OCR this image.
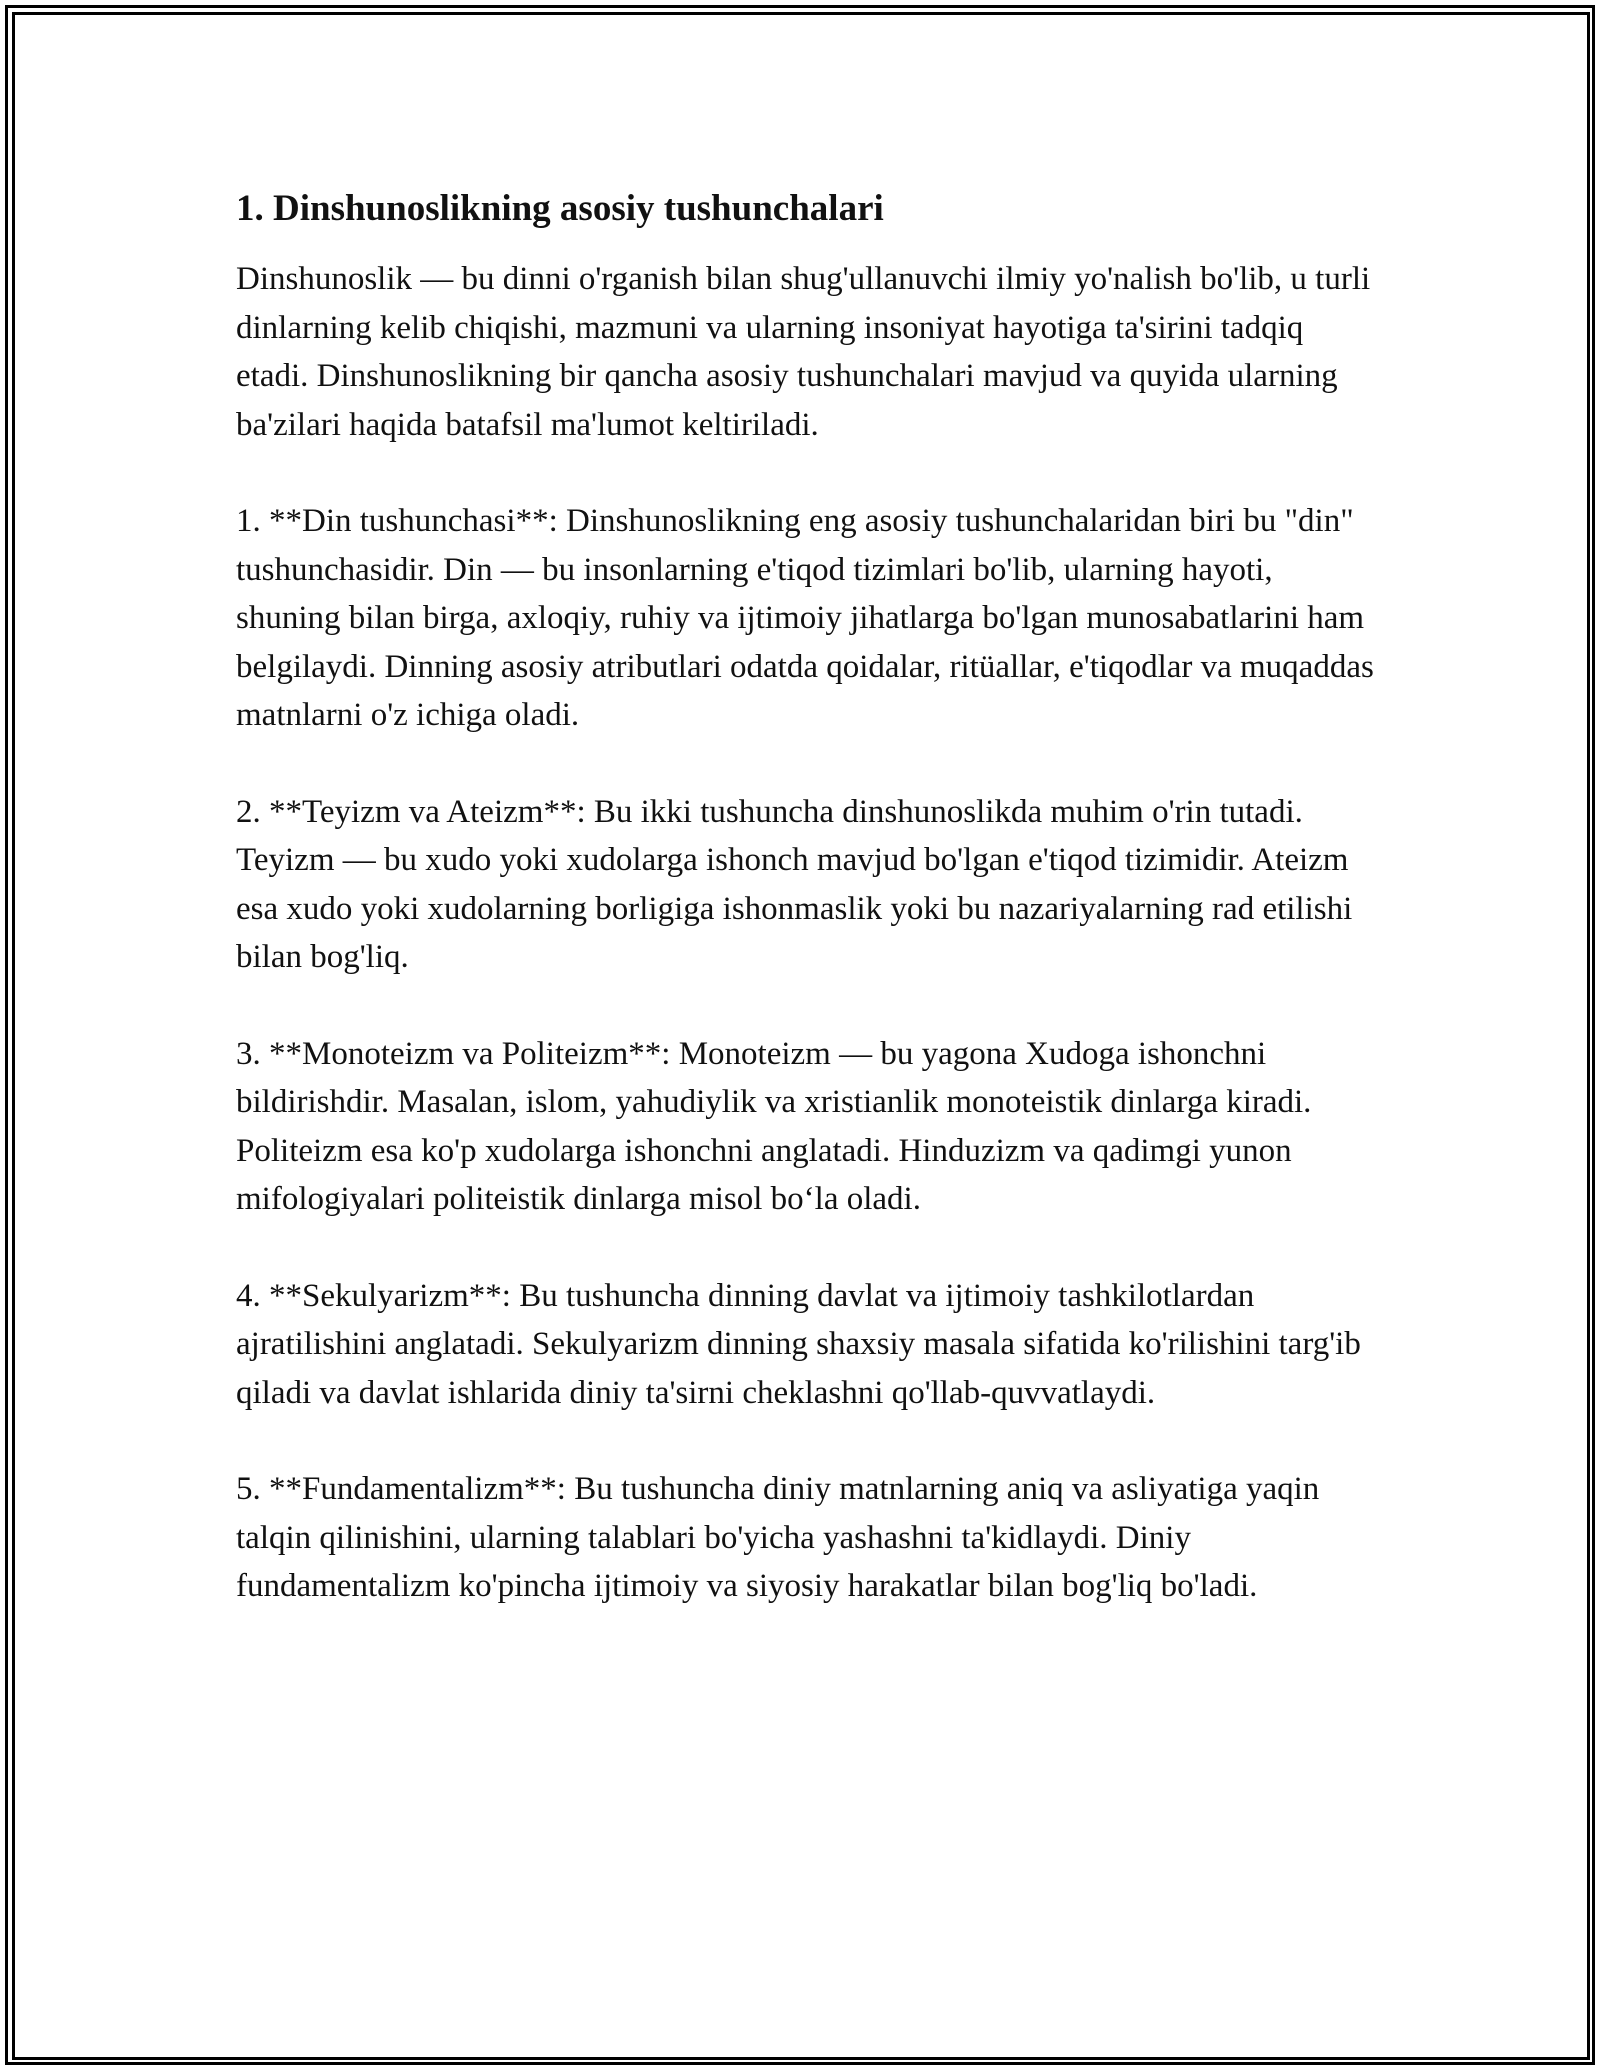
1. Dinshunoslikning asosiy tushunchalari

Dinshunoslik — bu dinni o'rganish bilan shug'ullanuvchi ilmiy yo'nalish bo'lib, u turli dinlarning kelib chiqishi, mazmuni va ularning insoniyat hayotiga ta'sirini tadqiq etadi. Dinshunoslikning bir qancha asosiy tushunchalari mavjud va quyida ularning ba'zilari haqida batafsil ma'lumot keltiriladi.

1. **Din tushunchasi**: Dinshunoslikning eng asosiy tushunchalaridan biri bu "din" tushunchasidir. Din — bu insonlarning e'tiqod tizimlari bo'lib, ularning hayoti, shuning bilan birga, axloqiy, ruhiy va ijtimoiy jihatlarga bo'lgan munosabatlarini ham belgilaydi. Dinning asosiy atributlari odatda qoidalar, ritüallar, e'tiqodlar va muqaddas matnlarni o'z ichiga oladi.

2. **Teyizm va Ateizm**: Bu ikki tushuncha dinshunoslikda muhim o'rin tutadi. Teyizm — bu xudo yoki xudolarga ishonch mavjud bo'lgan e'tiqod tizimidir. Ateizm esa xudo yoki xudolarning borligiga ishonmaslik yoki bu nazariyalarning rad etilishi bilan bog'liq.

3. **Monoteizm va Politeizm**: Monoteizm — bu yagona Xudoga ishonchni bildirishdir. Masalan, islom, yahudiylik va xristianlik monoteistik dinlarga kiradi. Politeizm esa ko'p xudolarga ishonchni anglatadi. Hinduzizm va qadimgi yunon mifologiyalari politeistik dinlarga misol bo‘la oladi.

4. **Sekulyarizm**: Bu tushuncha dinning davlat va ijtimoiy tashkilotlardan ajratilishini anglatadi. Sekulyarizm dinning shaxsiy masala sifatida ko'rilishini targ'ib qiladi va davlat ishlarida diniy ta'sirni cheklashni qo'llab-quvvatlaydi.

5. **Fundamentalizm**: Bu tushuncha diniy matnlarning aniq va asliyatiga yaqin talqin qilinishini, ularning talablari bo'yicha yashashni ta'kidlaydi. Diniy fundamentalizm ko'pincha ijtimoiy va siyosiy harakatlar bilan bog'liq bo'ladi.
